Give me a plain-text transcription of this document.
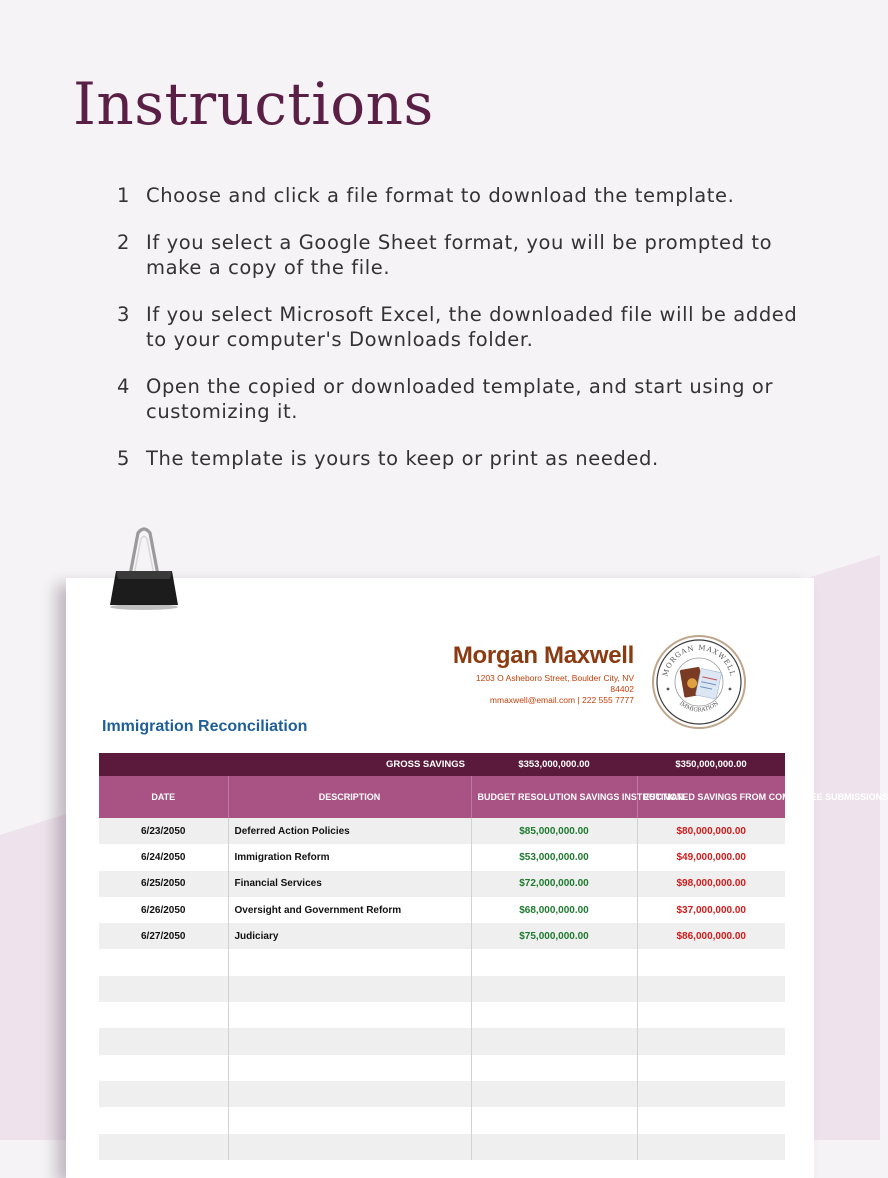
Instructions
1 Choose and click a file format to download the template.
2 If you select a Google Sheet format, you will be prompted to make a copy of the file.
3 If you select Microsoft Excel, the downloaded file will be added to your computer's Downloads folder.
4 Open the copied or downloaded template, and start using or customizing it.
5 The template is yours to keep or print as needed.
Morgan Maxwell
1203 O Asheboro Street, Boulder City, NV
84402
mmaxwell@email.com | 222 555 7777
MORGAN MAXWELL
IMMIGRATION
Immigration Reconciliation
	GROSS SAVINGS	$353,000,000.00	$350,000,000.00
DATE	DESCRIPTION	BUDGET RESOLUTION SAVINGS INSTRUCTION	ESTIMATED SAVINGS FROM COMMITTEE SUBMISSIONS
6/23/2050	Deferred Action Policies	$85,000,000.00	$80,000,000.00
6/24/2050	Immigration Reform	$53,000,000.00	$49,000,000.00
6/25/2050	Financial Services	$72,000,000.00	$98,000,000.00
6/26/2050	Oversight and Government Reform	$68,000,000.00	$37,000,000.00
6/27/2050	Judiciary	$75,000,000.00	$86,000,000.00
